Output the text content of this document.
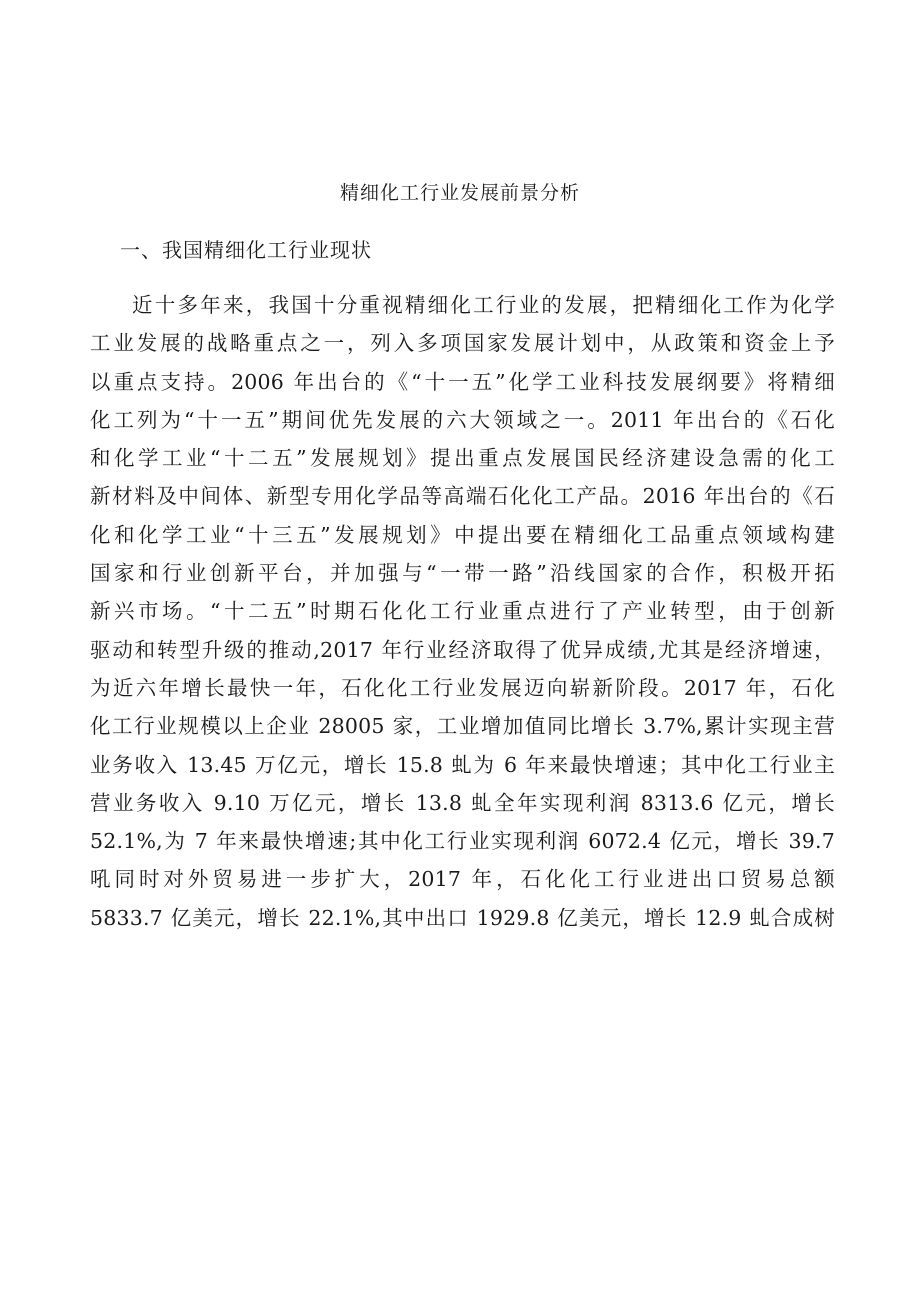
精细化工行业发展前景分析
一、我国精细化工行业现状
近十多年来，我国十分重视精细化工行业的发展，把精细化工作为化学
工业发展的战略重点之一，列入多项国家发展计划中，从政策和资金上予
以重点支持。2006 年出台的《“十一五”化学工业科技发展纲要》将精细
化工列为“十一五”期间优先发展的六大领域之一。2011 年出台的《石化
和化学工业“十二五”发展规划》提出重点发展国民经济建设急需的化工
新材料及中间体、新型专用化学品等高端石化化工产品。2016 年出台的《石
化和化学工业“十三五”发展规划》中提出要在精细化工品重点领域构建
国家和行业创新平台，并加强与“一带一路”沿线国家的合作，积极开拓
新兴市场。“十二五”时期石化化工行业重点进行了产业转型，由于创新
驱动和转型升级的推动,2017 年行业经济取得了优异成绩,尤其是经济增速，
为近六年增长最快一年，石化化工行业发展迈向崭新阶段。2017 年，石化
化工行业规模以上企业 28005 家，工业增加值同比增长 3.7%,累计实现主营
业务收入 13.45 万亿元，增长 15.8 虬为 6 年来最快增速；其中化工行业主
营业务收入 9.10 万亿元，增长 13.8 虬全年实现利润 8313.6 亿元，增长
52.1%,为 7 年来最快增速;其中化工行业实现利润 6072.4 亿元，增长 39.7
吼同时对外贸易进一步扩大，2017 年，石化化工行业进出口贸易总额
5833.7 亿美元，增长 22.1%,其中出口 1929.8 亿美元，增长 12.9 虬合成树
